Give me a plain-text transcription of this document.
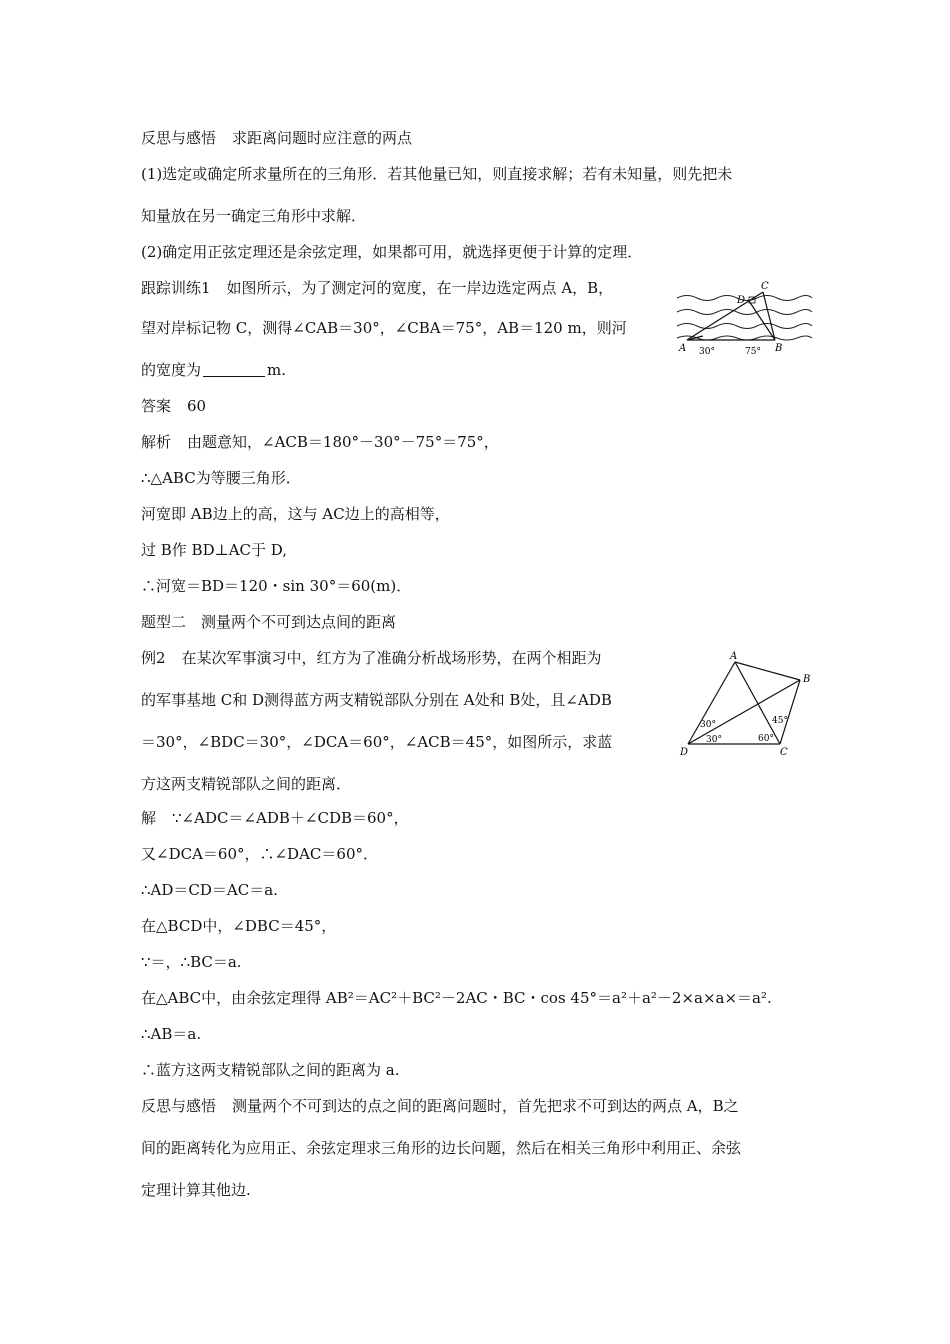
反思与感悟 求距离问题时应注意的两点
(1)选定或确定所求量所在的三角形．若其他量已知，则直接求解；若有未知量，则先把未
知量放在另一确定三角形中求解．
(2)确定用正弦定理还是余弦定理，如果都可用，就选择更便于计算的定理．
跟踪训练1 如图所示，为了测定河的宽度，在一岸边选定两点 A，B，
望对岸标记物 C，测得∠CAB＝30°，∠CBA＝75°，AB＝120 m，则河
的宽度为	m.
答案 60
解析 由题意知，∠ACB＝180°－30°－75°＝75°，
∴△ABC为等腰三角形．
河宽即 AB边上的高，这与 AC边上的高相等，
过 B作 BD⊥AC于 D,
∴河宽＝BD＝120・sin 30°＝60(m)．
C
D
A	B
30°	75°
题型二　测量两个不可到达点间的距离
例2 在某次军事演习中，红方为了准确分析战场形势，在两个相距为
的军事基地 C和 D测得蓝方两支精锐部队分别在 A处和 B处，且∠ADB
＝30°，∠BDC＝30°，∠DCA＝60°，∠ACB＝45°，如图所示，求蓝
方这两支精锐部队之间的距离．
A
B
C
D
30°
30°	60°
45°
解 ∵∠ADC＝∠ADB＋∠CDB＝60°，
又∠DCA＝60°，∴∠DAC＝60°．
∴AD＝CD＝AC＝a.
在△BCD中，∠DBC＝45°，
∵＝，∴BC＝a.
在△ABC中，由余弦定理得 AB²＝AC²＋BC²－2AC・BC・cos 45°＝a²＋a²－2×a×a×＝a².
∴AB＝a.
∴蓝方这两支精锐部队之间的距离为 a.
反思与感悟 测量两个不可到达的点之间的距离问题时，首先把求不可到达的两点 A，B之
间的距离转化为应用正、余弦定理求三角形的边长问题，然后在相关三角形中利用正、余弦
定理计算其他边.
